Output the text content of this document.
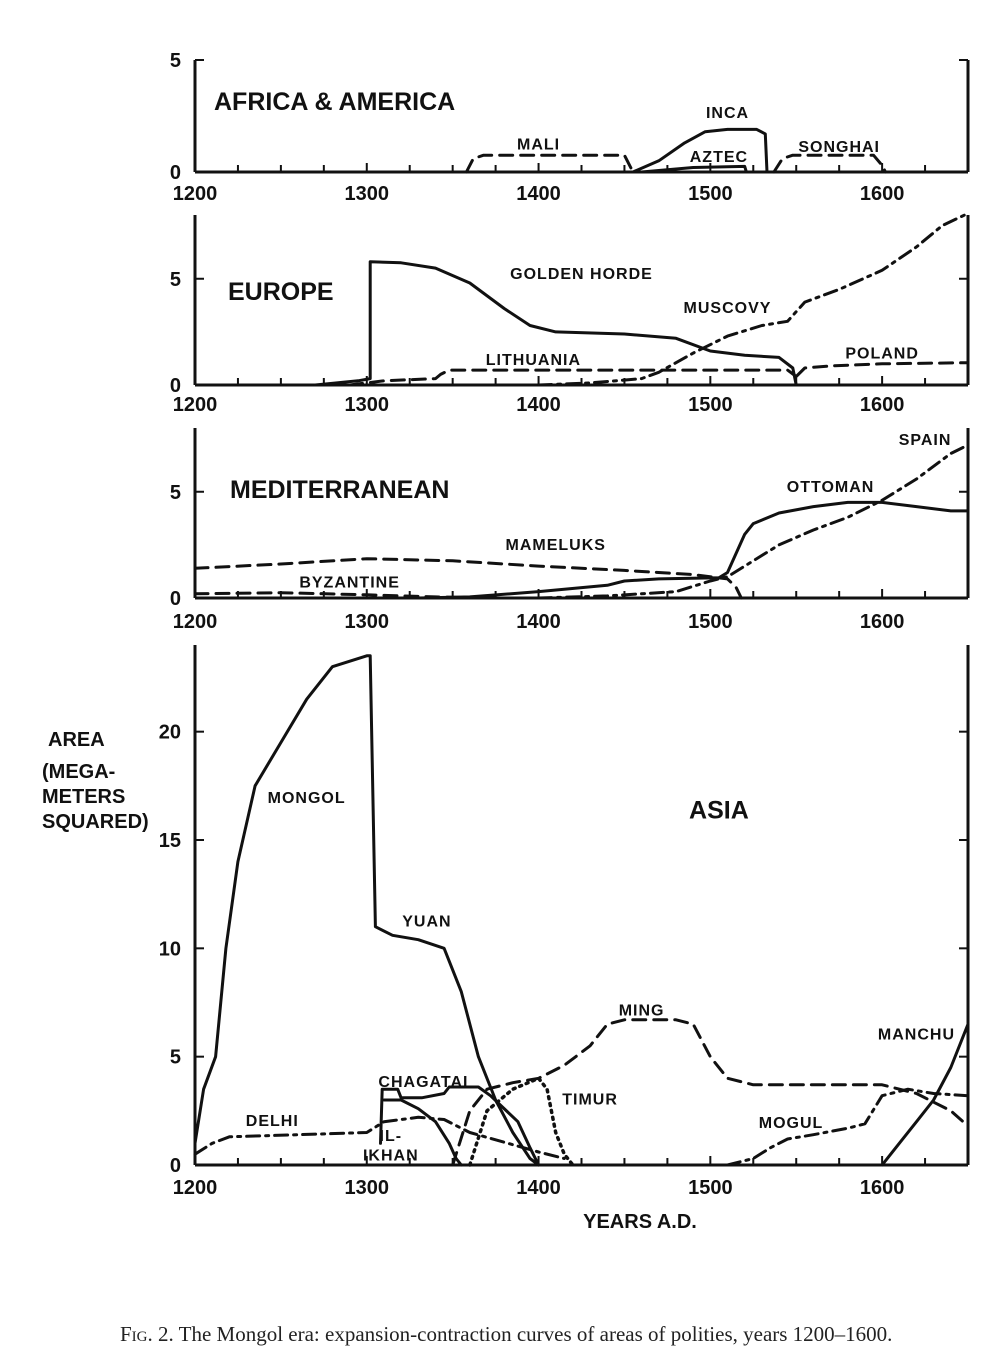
1200	1300	1400	1500	1600
0
5
AFRICA & AMERICA
MALI
INCA
AZTEC
SONGHAI
1200	1300	1400	1500	1600
0
5 EUROPE
GOLDEN HORDE
MUSCOVY
LITHUANIA	POLAND
1200	1300	1400	1500	1600
0
5 MEDITERRANEAN
MAMELUKS
BYZANTINE
OTTOMAN
SPAIN
1200	1300	1400	1500	1600
0
5
10
15
20
MONGOL
YUAN
ASIA
MING
MANCHU
CHAGATAI
TIMUR
DELHI
IL-
IKHAN
MOGUL
YEARS A.D.
AREA
(MEGA-
METERS
SQUARED)
Fig. 2. The Mongol era: expansion-contraction curves of areas of polities, years 1200–1600.
